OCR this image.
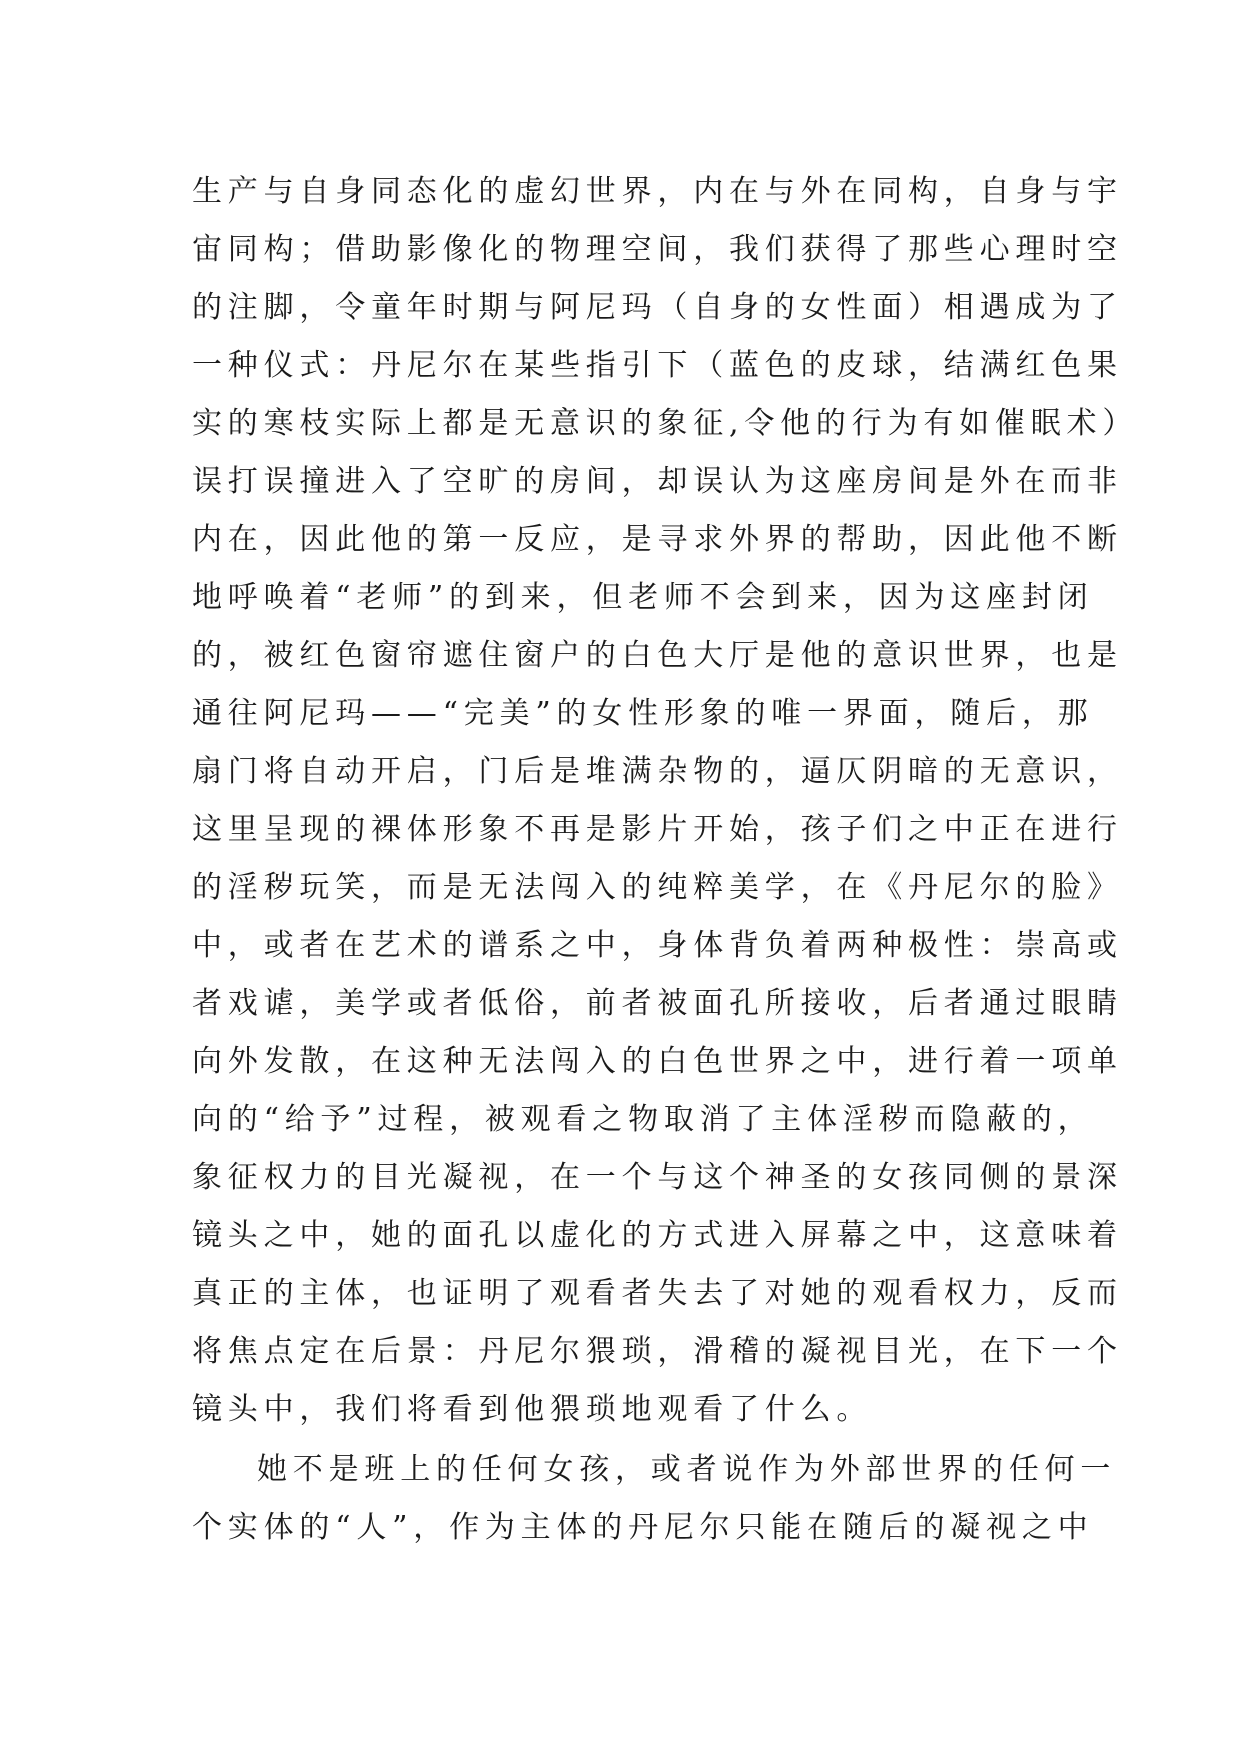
生产与自身同态化的虚幻世界，内在与外在同构，自身与宇
宙同构；借助影像化的物理空间，我们获得了那些心理时空
的注脚，令童年时期与阿尼玛（自身的女性面）相遇成为了
一种仪式：丹尼尔在某些指引下（蓝色的皮球，结满红色果
实的寒枝实际上都是无意识的象征,令他的行为有如催眠术）
误打误撞进入了空旷的房间，却误认为这座房间是外在而非
内在，因此他的第一反应，是寻求外界的帮助，因此他不断
地呼唤着“老师”的到来，但老师不会到来，因为这座封闭
的，被红色窗帘遮住窗户的白色大厅是他的意识世界，也是
通往阿尼玛——“完美”的女性形象的唯一界面，随后，那
扇门将自动开启，门后是堆满杂物的，逼仄阴暗的无意识，
这里呈现的裸体形象不再是影片开始，孩子们之中正在进行
的淫秽玩笑，而是无法闯入的纯粹美学，在《丹尼尔的脸》
中，或者在艺术的谱系之中，身体背负着两种极性：崇高或
者戏谑，美学或者低俗，前者被面孔所接收，后者通过眼睛
向外发散，在这种无法闯入的白色世界之中，进行着一项单
向的“给予”过程，被观看之物取消了主体淫秽而隐蔽的，
象征权力的目光凝视，在一个与这个神圣的女孩同侧的景深
镜头之中，她的面孔以虚化的方式进入屏幕之中，这意味着
真正的主体，也证明了观看者失去了对她的观看权力，反而
将焦点定在后景：丹尼尔猥琐，滑稽的凝视目光，在下一个
镜头中，我们将看到他猥琐地观看了什么。
她不是班上的任何女孩，或者说作为外部世界的任何一
个实体的“人”，作为主体的丹尼尔只能在随后的凝视之中
